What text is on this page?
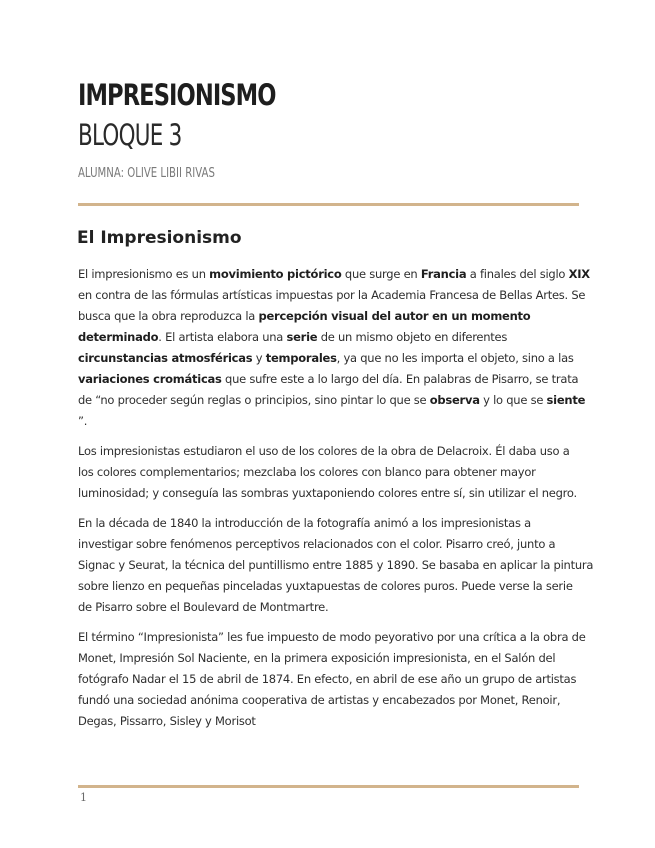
IMPRESIONISMO
BLOQUE 3
ALUMNA: OLIVE LIBII RIVAS
El Impresionismo
El impresionismo es un movimiento pictórico que surge en Francia a finales del siglo XIX
en contra de las fórmulas artísticas impuestas por la Academia Francesa de Bellas Artes. Se
busca que la obra reproduzca la percepción visual del autor en un momento
determinado. El artista elabora una serie de un mismo objeto en diferentes
circunstancias atmosféricas y temporales, ya que no les importa el objeto, sino a las
variaciones cromáticas que sufre este a lo largo del día. En palabras de Pisarro, se trata
de “no proceder según reglas o principios, sino pintar lo que se observa y lo que se siente
”.
Los impresionistas estudiaron el uso de los colores de la obra de Delacroix. Él daba uso a
los colores complementarios; mezclaba los colores con blanco para obtener mayor
luminosidad; y conseguía las sombras yuxtaponiendo colores entre sí, sin utilizar el negro.
En la década de 1840 la introducción de la fotografía animó a los impresionistas a
investigar sobre fenómenos perceptivos relacionados con el color. Pisarro creó, junto a
Signac y Seurat, la técnica del puntillismo entre 1885 y 1890. Se basaba en aplicar la pintura
sobre lienzo en pequeñas pinceladas yuxtapuestas de colores puros. Puede verse la serie
de Pisarro sobre el Boulevard de Montmartre.
El término “Impresionista” les fue impuesto de modo peyorativo por una crítica a la obra de
Monet, Impresión Sol Naciente, en la primera exposición impresionista, en el Salón del
fotógrafo Nadar el 15 de abril de 1874. En efecto, en abril de ese año un grupo de artistas
fundó una sociedad anónima cooperativa de artistas y encabezados por Monet, Renoir,
Degas, Pissarro, Sisley y Morisot
1
